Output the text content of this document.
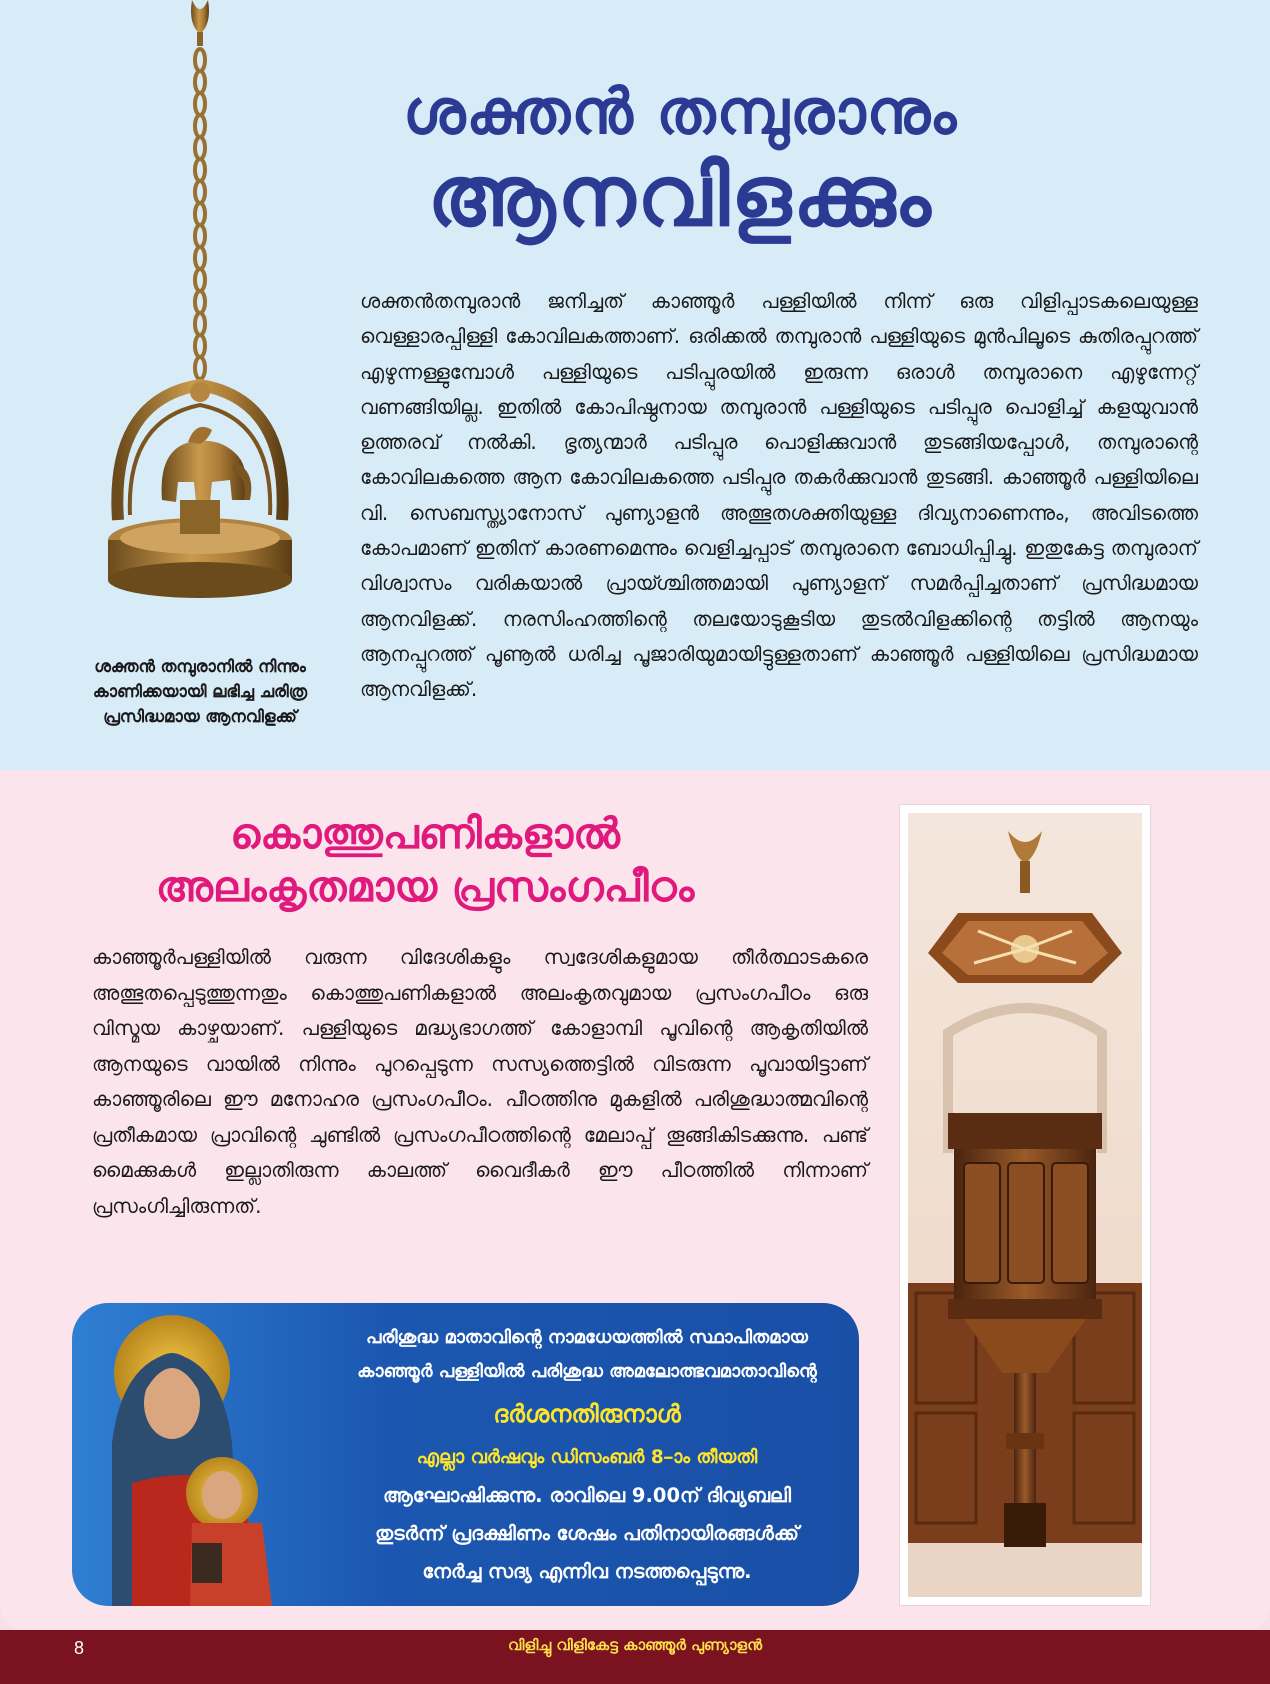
ശക്തൻ തമ്പുരാനും
ആനവിളക്കും
ശക്തൻതമ്പുരാൻ ജനിച്ചത് കാഞ്ഞൂർ പള്ളിയിൽ നിന്ന് ഒരു വിളിപ്പാടകലെയുള്ള വെള്ളാരപ്പിള്ളി കോവിലകത്താണ്. ഒരിക്കൽ തമ്പുരാൻ പള്ളിയുടെ മുൻപിലൂടെ കുതിരപ്പുറത്ത് എഴുന്നള്ളുമ്പോൾ പള്ളിയുടെ പടിപ്പുരയിൽ ഇരുന്ന ഒരാൾ തമ്പുരാനെ എഴുന്നേറ്റ് വണങ്ങിയില്ല. ഇതിൽ കോപിഷ്ഠനായ തമ്പുരാൻ പള്ളിയുടെ പടിപ്പുര പൊളിച്ച് കളയുവാൻ ഉത്തരവ് നൽകി. ഭൃത്യന്മാർ പടിപ്പുര പൊളിക്കുവാൻ തുടങ്ങിയപ്പോൾ, തമ്പുരാന്റെ കോവിലകത്തെ ആന കോവിലകത്തെ പടിപ്പുര തകർക്കുവാൻ തുടങ്ങി. കാഞ്ഞൂർ പള്ളിയിലെ വി. സെബസ്ത്യാനോസ് പുണ്യാളൻ അത്ഭുതശക്തിയുള്ള ദിവ്യനാണെന്നും, അവിടത്തെ കോപമാണ് ഇതിന് കാരണമെന്നും വെളിച്ചപ്പാട് തമ്പുരാനെ ബോധിപ്പിച്ചു. ഇതുകേട്ട തമ്പുരാന് വിശ്വാസം വരികയാൽ പ്രായ്ശ്ചിത്തമായി പുണ്യാളന് സമർപ്പിച്ചതാണ് പ്രസിദ്ധമായ ആനവിളക്ക്. നരസിംഹത്തിന്റെ തലയോടുകൂടിയ തുടൽവിളക്കിന്റെ തട്ടിൽ ആനയും ആനപ്പുറത്ത് പൂണൂൽ ധരിച്ച പൂജാരിയുമായിട്ടുള്ളതാണ് കാഞ്ഞൂർ പള്ളിയിലെ പ്രസിദ്ധമായ ആനവിളക്ക്.
ശക്തൻ തമ്പുരാനിൽ നിന്നും
കാണിക്കയായി ലഭിച്ച ചരിത്ര
പ്രസിദ്ധമായ ആനവിളക്ക്
കൊത്തുപണികളാൽ
അലംകൃതമായ പ്രസംഗപീഠം
കാഞ്ഞൂർപള്ളിയിൽ വരുന്ന വിദേശികളും സ്വദേശികളുമായ തീർത്ഥാടകരെ അത്ഭുതപ്പെടുത്തുന്നതും കൊത്തുപണികളാൽ അലംകൃതവുമായ പ്രസംഗപീഠം ഒരു വിസ്മയ കാഴ്ചയാണ്. പള്ളിയുടെ മദ്ധ്യഭാഗത്ത് കോളാമ്പി പൂവിന്റെ ആകൃതിയിൽ ആനയുടെ വായിൽ നിന്നും പുറപ്പെടുന്ന സസ്യത്തെട്ടിൽ വിടരുന്ന പൂവായിട്ടാണ് കാഞ്ഞൂരിലെ ഈ മനോഹര പ്രസംഗപീഠം. പീഠത്തിനു മുകളിൽ പരിശുദ്ധാത്മവിന്റെ പ്രതീകമായ പ്രാവിന്റെ ചുണ്ടിൽ പ്രസംഗപീഠത്തിന്റെ മേലാപ്പ് തൂങ്ങികിടക്കുന്നു. പണ്ട് മൈക്കുകൾ ഇല്ലാതിരുന്ന കാലത്ത് വൈദീകർ ഈ പീഠത്തിൽ നിന്നാണ് പ്രസംഗിച്ചിരുന്നത്.
പരിശുദ്ധ മാതാവിന്റെ നാമധേയത്തിൽ സ്ഥാപിതമായ
കാഞ്ഞൂർ പള്ളിയിൽ പരിശുദ്ധ അമലോത്ഭവമാതാവിന്റെ
ദർശനതിരുനാൾ
എല്ലാ വർഷവും ഡിസംബർ 8–ാം തീയതി
ആഘോഷിക്കുന്നു. രാവിലെ 9.00ന് ദിവ്യബലി
തുടർന്ന് പ്രദക്ഷിണം ശേഷം പതിനായിരങ്ങൾക്ക്
നേർച്ച സദ്യ എന്നിവ നടത്തപ്പെടുന്നു.
8	വിളിച്ചു വിളികേട്ട കാഞ്ഞൂർ പുണ്യാളൻ
